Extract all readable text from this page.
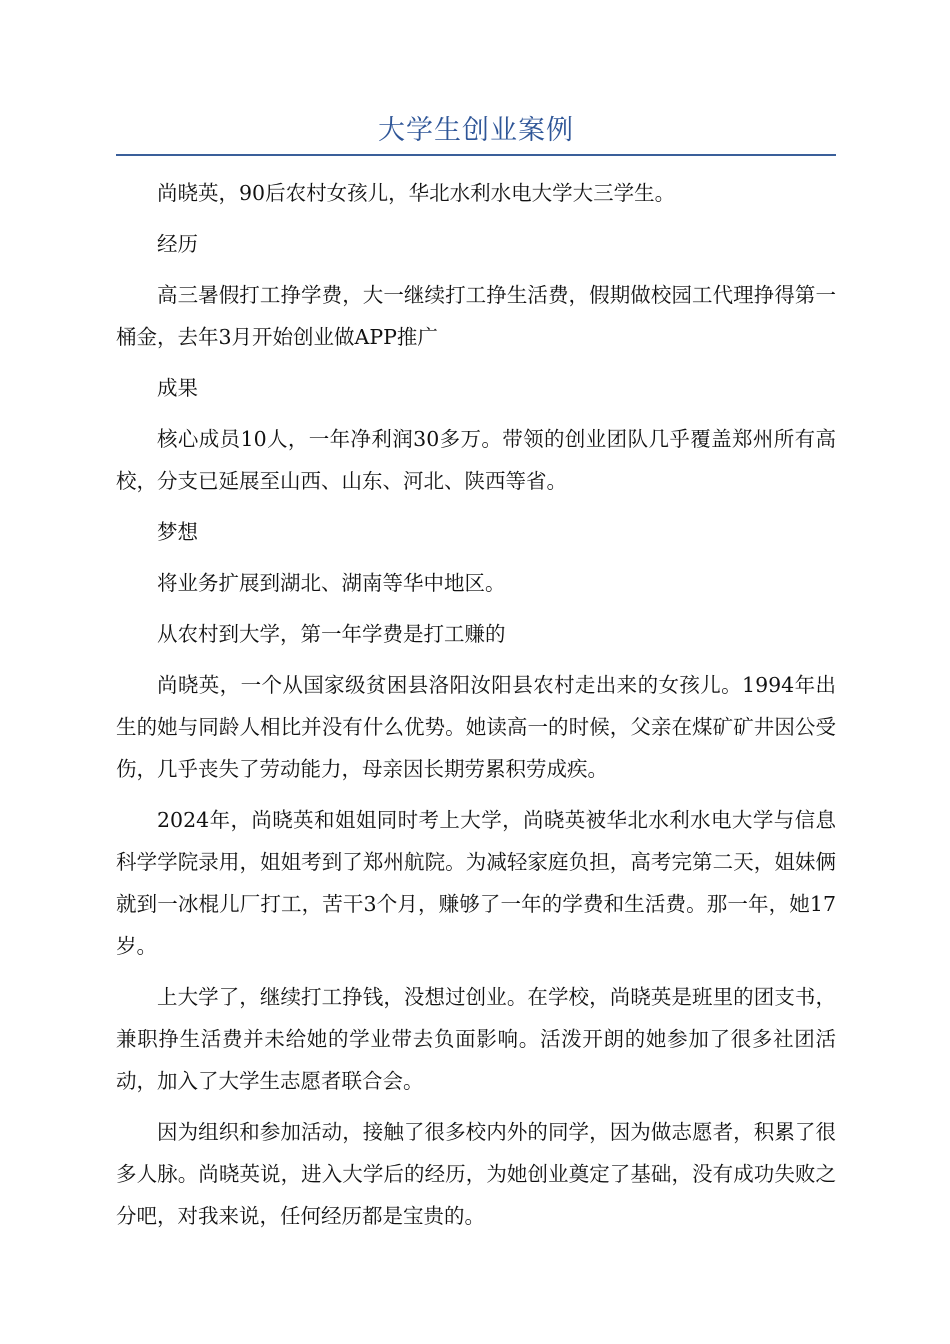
大学生创业案例

尚晓英，90后农村女孩儿，华北水利水电大学大三学生。

经历

高三暑假打工挣学费，大一继续打工挣生活费，假期做校园工代理挣得第一桶金，去年3月开始创业做APP推广

成果

核心成员10人，一年净利润30多万。带领的创业团队几乎覆盖郑州所有高校，分支已延展至山西、山东、河北、陕西等省。

梦想

将业务扩展到湖北、湖南等华中地区。

从农村到大学，第一年学费是打工赚的

尚晓英，一个从国家级贫困县洛阳汝阳县农村走出来的女孩儿。1994年出生的她与同龄人相比并没有什么优势。她读高一的时候，父亲在煤矿矿井因公受伤，几乎丧失了劳动能力，母亲因长期劳累积劳成疾。

2024年，尚晓英和姐姐同时考上大学，尚晓英被华北水利水电大学与信息科学学院录用，姐姐考到了郑州航院。为减轻家庭负担，高考完第二天，姐妹俩就到一冰棍儿厂打工，苦干3个月，赚够了一年的学费和生活费。那一年，她17岁。

上大学了，继续打工挣钱，没想过创业。在学校，尚晓英是班里的团支书，兼职挣生活费并未给她的学业带去负面影响。活泼开朗的她参加了很多社团活动，加入了大学生志愿者联合会。

因为组织和参加活动，接触了很多校内外的同学，因为做志愿者，积累了很多人脉。尚晓英说，进入大学后的经历，为她创业奠定了基础，没有成功失败之分吧，对我来说，任何经历都是宝贵的。
